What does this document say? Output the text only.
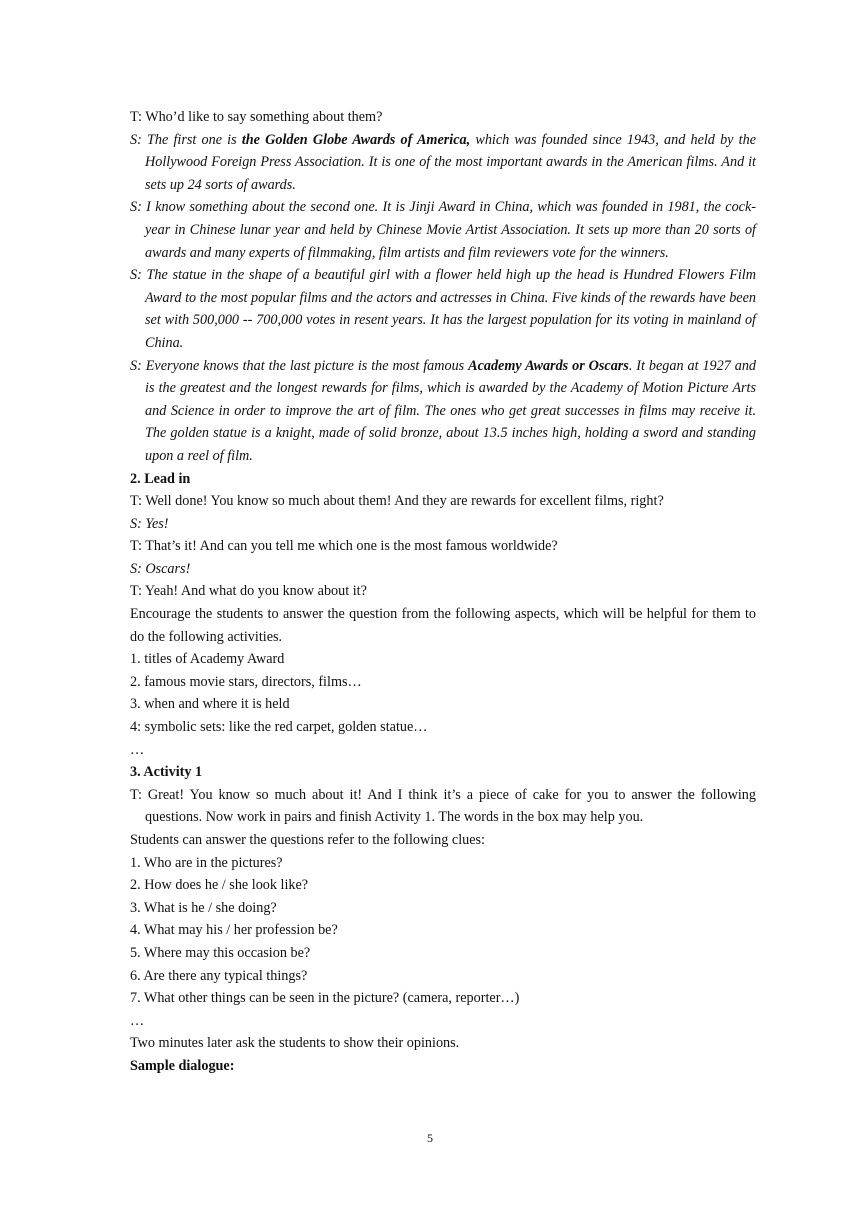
T: Who’d like to say something about them?

S: The first one is the Golden Globe Awards of America, which was founded since 1943, and held by the Hollywood Foreign Press Association. It is one of the most important awards in the American films. And it sets up 24 sorts of awards.

S: I know something about the second one. It is Jinji Award in China, which was founded in 1981, the cock-year in Chinese lunar year and held by Chinese Movie Artist Association. It sets up more than 20 sorts of awards and many experts of filmmaking, film artists and film reviewers vote for the winners.

S: The statue in the shape of a beautiful girl with a flower held high up the head is Hundred Flowers Film Award to the most popular films and the actors and actresses in China. Five kinds of the rewards have been set with 500,000 -- 700,000 votes in resent years. It has the largest population for its voting in mainland of China.

S: Everyone knows that the last picture is the most famous Academy Awards or Oscars. It began at 1927 and is the greatest and the longest rewards for films, which is awarded by the Academy of Motion Picture Arts and Science in order to improve the art of film. The ones who get great successes in films may receive it. The golden statue is a knight, made of solid bronze, about 13.5 inches high, holding a sword and standing upon a reel of film.

2. Lead in

T: Well done! You know so much about them! And they are rewards for excellent films, right?

S: Yes!

T: That’s it! And can you tell me which one is the most famous worldwide?

S: Oscars!

T: Yeah! And what do you know about it?

Encourage the students to answer the question from the following aspects, which will be helpful for them to do the following activities.

1. titles of Academy Award

2. famous movie stars, directors, films…

3. when and where it is held

4: symbolic sets: like the red carpet, golden statue…

…

3. Activity 1

T: Great! You know so much about it! And I think it’s a piece of cake for you to answer the following questions. Now work in pairs and finish Activity 1. The words in the box may help you.

Students can answer the questions refer to the following clues:

1. Who are in the pictures?

2. How does he / she look like?

3. What is he / she doing?

4. What may his / her profession be?

5. Where may this occasion be?

6. Are there any typical things?

7. What other things can be seen in the picture? (camera, reporter…)

…

Two minutes later ask the students to show their opinions.

Sample dialogue:

5
